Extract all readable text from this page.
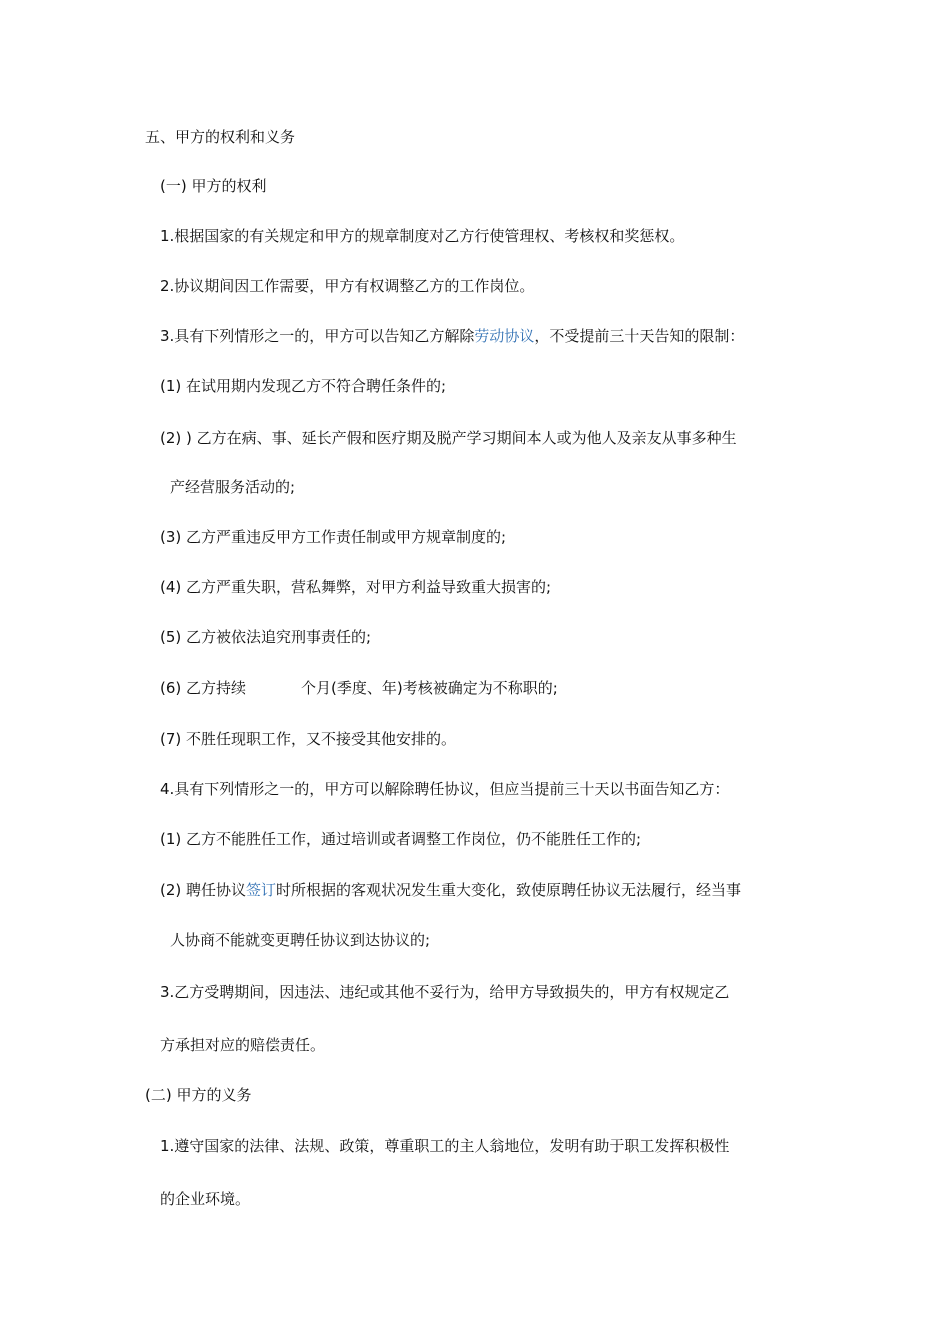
五、甲方的权利和义务
(一) 甲方的权利
1.根据国家的有关规定和甲方的规章制度对乙方行使管理权、考核权和奖惩权。
2.协议期间因工作需要，甲方有权调整乙方的工作岗位。
3.具有下列情形之一的，甲方可以告知乙方解除劳动协议，不受提前三十天告知的限制：
(1) 在试用期内发现乙方不符合聘任条件的;
(2) ) 乙方在病、事、延长产假和医疗期及脱产学习期间本人或为他人及亲友从事多种生
产经营服务活动的;
(3) 乙方严重违反甲方工作责任制或甲方规章制度的;
(4) 乙方严重失职，营私舞弊，对甲方利益导致重大损害的;
(5) 乙方被依法追究刑事责任的;
(6) 乙方持续	个月(季度、年)考核被确定为不称职的;
(7) 不胜任现职工作，又不接受其他安排的。
4.具有下列情形之一的，甲方可以解除聘任协议，但应当提前三十天以书面告知乙方：
(1) 乙方不能胜任工作，通过培训或者调整工作岗位，仍不能胜任工作的;
(2) 聘任协议签订时所根据的客观状况发生重大变化，致使原聘任协议无法履行，经当事
人协商不能就变更聘任协议到达协议的;
3.乙方受聘期间，因违法、违纪或其他不妥行为，给甲方导致损失的，甲方有权规定乙
方承担对应的赔偿责任。
(二) 甲方的义务
1.遵守国家的法律、法规、政策，尊重职工的主人翁地位，发明有助于职工发挥积极性
的企业环境。
